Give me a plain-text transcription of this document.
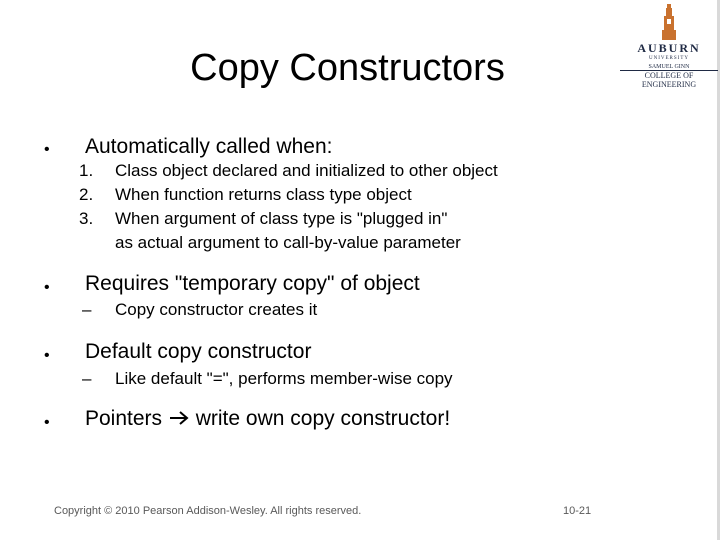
Copy Constructors	AUBURN
UNIVERSITY
SAMUEL GINN
COLLEGE OF ENGINEERING
• Automatically called when:
1.	Class object declared and initialized to other object
2.	When function returns class type object
3.	When argument of class type is "plugged in"
as actual argument to call-by-value parameter
• Requires "temporary copy" of object
– Copy constructor creates it
• Default copy constructor
– Like default "=", performs member-wise copy
• Pointers write own copy constructor!
Copyright © 2010 Pearson Addison-Wesley. All rights reserved.	10-21
